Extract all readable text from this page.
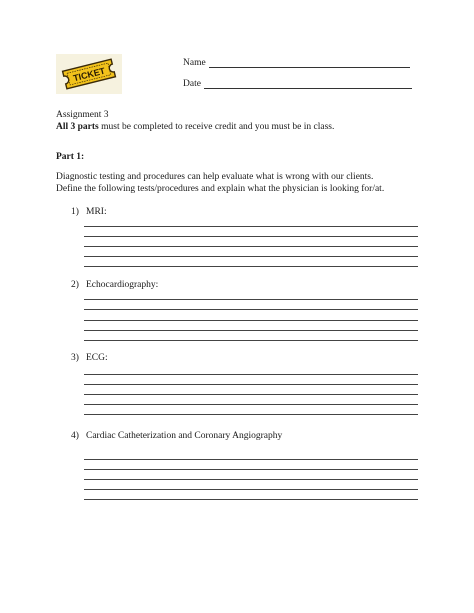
TICKET
Name
Date
Assignment 3
All 3 parts must be completed to receive credit and you must be in class.
Part 1:
Diagnostic testing and procedures can help evaluate what is wrong with our clients.
Define the following tests/procedures and explain what the physician is looking for/at.
1) MRI:
2) Echocardiography:
3) ECG:
4) Cardiac Catheterization and Coronary Angiography
